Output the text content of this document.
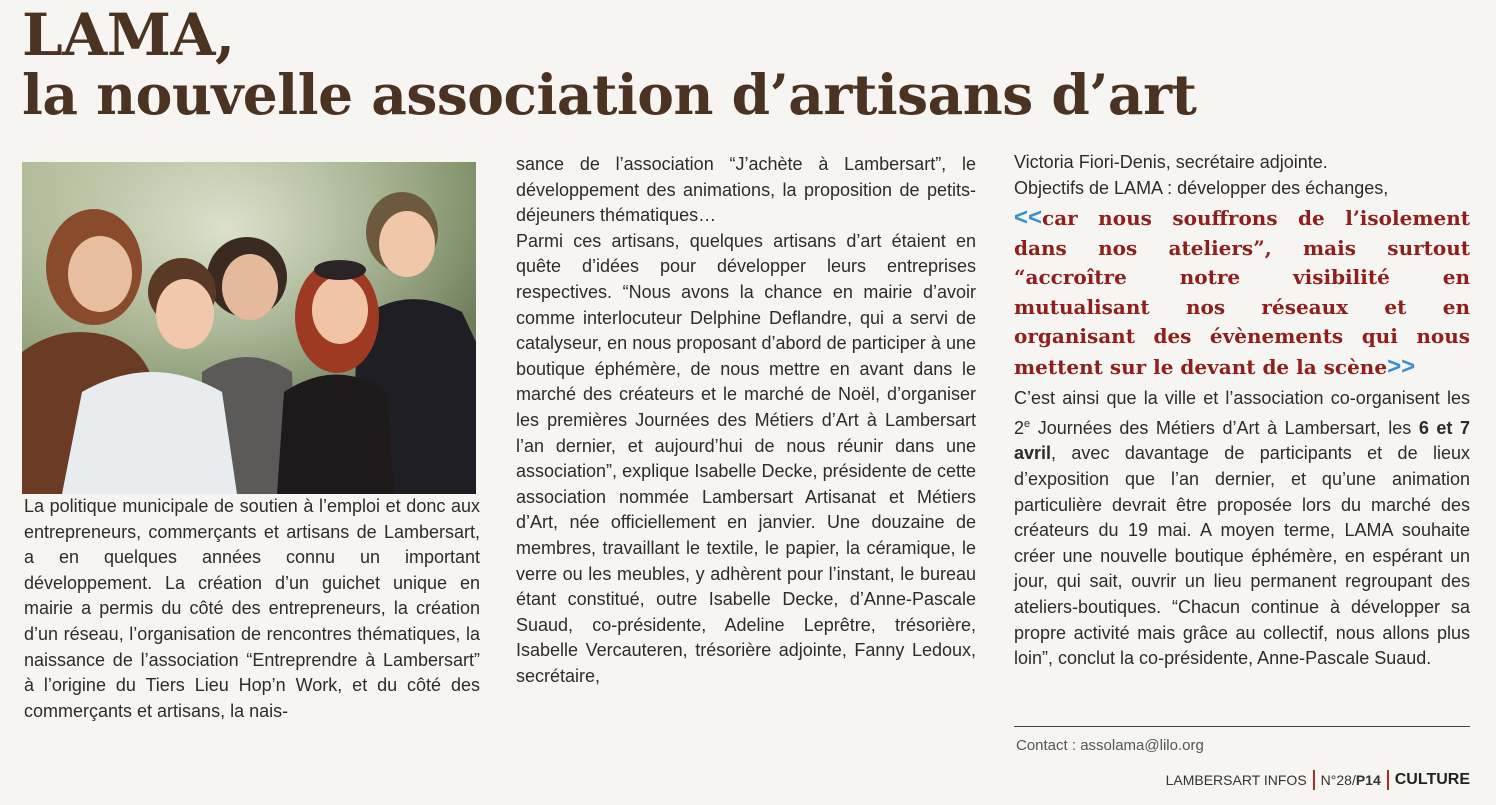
LAMA,
la nouvelle association d’artisans d’art

La politique municipale de soutien à l’emploi et donc aux entrepreneurs, commerçants et artisans de Lambersart, a en quelques années connu un important développement. La création d’un guichet unique en mairie a permis du côté des entrepreneurs, la création d’un réseau, l’organisation de rencontres thématiques, la naissance de l’association “Entreprendre à Lambersart” à l’origine du Tiers Lieu Hop’n Work, et du côté des commerçants et artisans, la nais-

sance de l’association “J’achète à Lambersart”, le développement des animations, la proposition de petits-déjeuners thématiques…

Parmi ces artisans, quelques artisans d’art étaient en quête d’idées pour développer leurs entreprises respectives. “Nous avons la chance en mairie d’avoir comme interlocuteur Delphine Deflandre, qui a servi de catalyseur, en nous proposant d’abord de participer à une boutique éphémère, de nous mettre en avant dans le marché des créateurs et le marché de Noël, d’organiser les premières Journées des Métiers d’Art à Lambersart l’an dernier, et aujourd’hui de nous réunir dans une association”, explique Isabelle Decke, présidente de cette association nommée Lambersart Artisanat et Métiers d’Art, née officiellement en janvier. Une douzaine de membres, travaillant le textile, le papier, la céramique, le verre ou les meubles, y adhèrent pour l’instant, le bureau étant constitué, outre Isabelle Decke, d’Anne-Pascale Suaud, co-présidente, Adeline Leprêtre, trésorière, Isabelle Vercauteren, trésorière adjointe, Fanny Ledoux, secrétaire,

Victoria Fiori-Denis, secrétaire adjointe.

Objectifs de LAMA : développer des échanges,

<<car nous souffrons de l’isolement dans nos ateliers”, mais surtout “accroître notre visibilité en mutualisant nos réseaux et en organisant des évènements qui nous mettent sur le devant de la scène>>

C’est ainsi que la ville et l’association co-organisent les 2e Journées des Métiers d’Art à Lambersart, les 6 et 7 avril, avec davantage de participants et de lieux d’exposition que l’an dernier, et qu’une animation particulière devrait être proposée lors du marché des créateurs du 19 mai. A moyen terme, LAMA souhaite créer une nouvelle boutique éphémère, en espérant un jour, qui sait, ouvrir un lieu permanent regroupant des ateliers-boutiques. “Chacun continue à développer sa propre activité mais grâce au collectif, nous allons plus loin”, conclut la co-présidente, Anne-Pascale Suaud.

Contact : assolama@lilo.org
LAMBERSART INFOS N°28/P14 CULTURE
